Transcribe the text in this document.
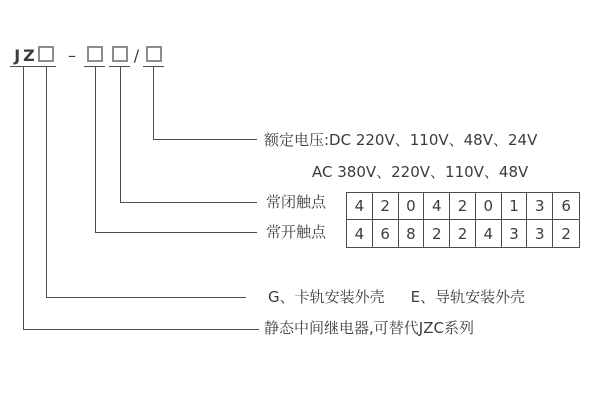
JZ –	/
额定电压:DC 220V、110V、48V、24V
AC 380V、220V、110V、48V
常闭触点
常开触点
G、卡轨安装外壳 E、导轨安装外壳
静态中间继电器,可替代JZC系列
4	2	0	4	2	0	1	3	6
4	6	8	2	2	4	3	3	2
